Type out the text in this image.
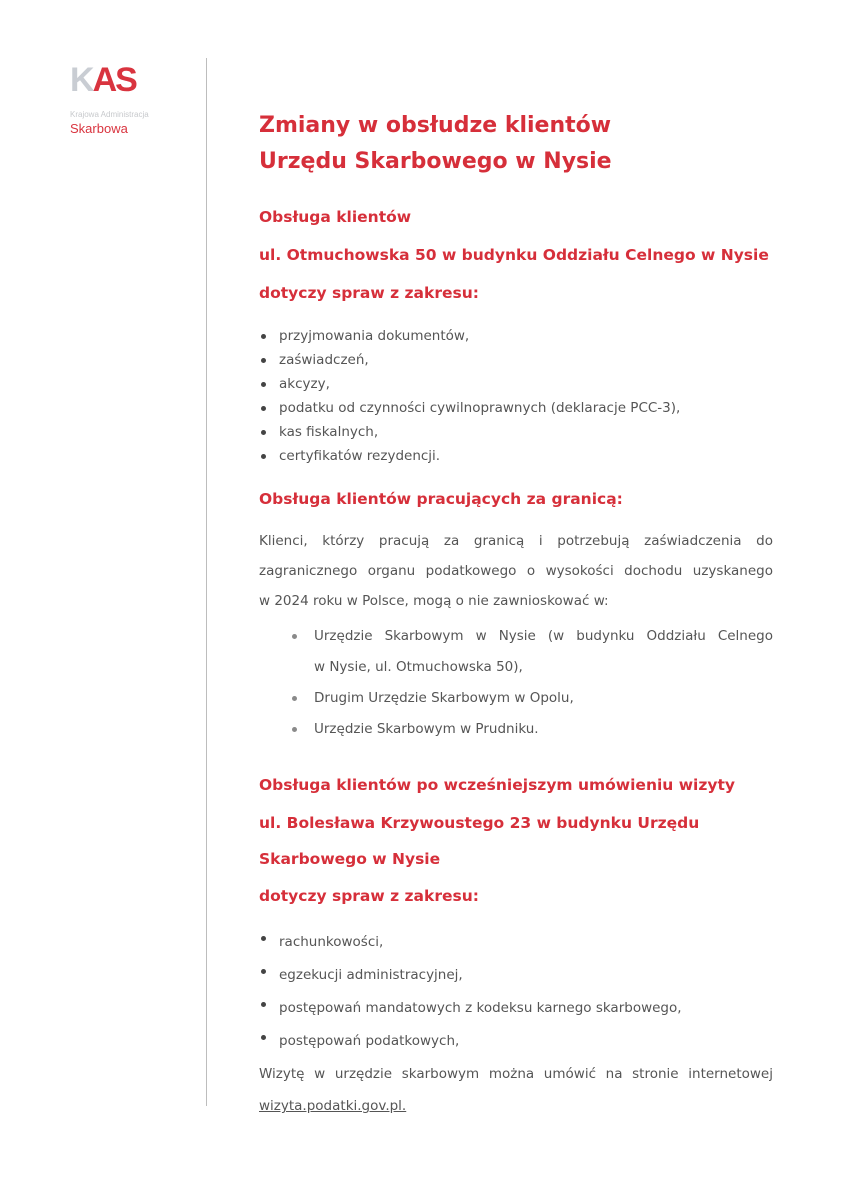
KAS
Krajowa Administracja
Skarbowa	Zmiany w obsłudze klientów
Urzędu Skarbowego w Nysie
Obsługa klientów
ul. Otmuchowska 50 w budynku Oddziału Celnego w Nysie
dotyczy spraw z zakresu:
przyjmowania dokumentów,
zaświadczeń,
akcyzy,
podatku od czynności cywilnoprawnych (deklaracje PCC-3),
kas fiskalnych,
certyfikatów rezydencji.
Obsługa klientów pracujących za granicą:
Klienci, którzy pracują za granicą i potrzebują zaświadczenia do
zagranicznego organu podatkowego o wysokości dochodu uzyskanego
w 2024 roku w Polsce, mogą o nie zawnioskować w:
Urzędzie Skarbowym w Nysie (w budynku Oddziału Celnego
w Nysie, ul. Otmuchowska 50),
Drugim Urzędzie Skarbowym w Opolu,
Urzędzie Skarbowym w Prudniku.
Obsługa klientów po wcześniejszym umówieniu wizyty
ul. Bolesława Krzywoustego 23 w budynku Urzędu
Skarbowego w Nysie
dotyczy spraw z zakresu:
rachunkowości,
egzekucji administracyjnej,
postępowań mandatowych z kodeksu karnego skarbowego,
postępowań podatkowych,
Wizytę w urzędzie skarbowym można umówić na stronie internetowej
wizyta.podatki.gov.pl.
